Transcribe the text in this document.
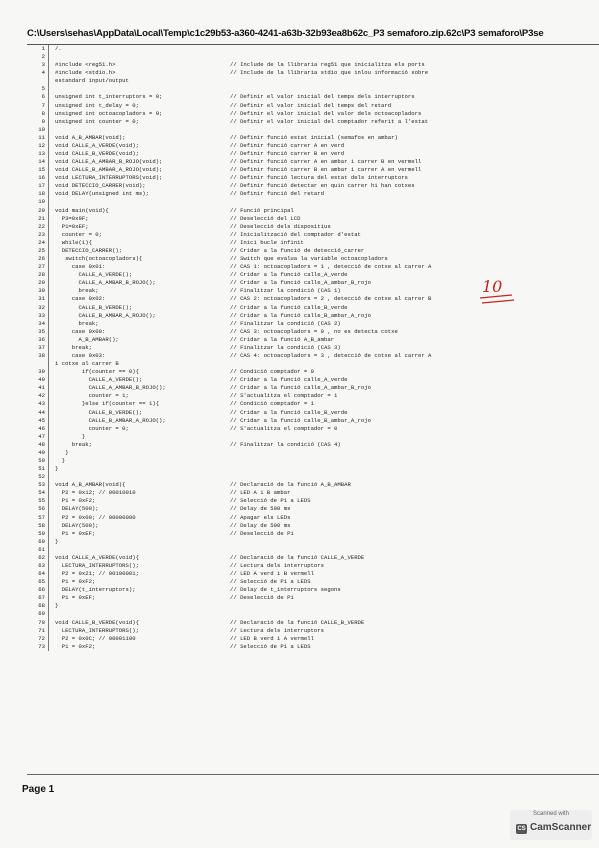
C:\Users\sehas\AppData\Local\Temp\c1c29b53-a360-4241-a63b-32b93ea8b62c_P3 semaforo.zip.62c\P3 semaforo\P3se
1	/.
2
3	#include <reg51.h>	// Include de la llibraria reg51 que inicialitza els ports
4	#include <stdio.h>	// Include de la llibraria stdio que inlou informació sobre
estandard input/output
5
6	unsigned int t_interruptors = 0;	// Definir el valor inicial del temps dels interruptors
7	unsigned int t_delay = 0;	// Definir el valor inicial del temps del retard
8	unsigned int octoacopladors = 0;	// Definir el valor inicial del valor dels octoacopladors
9	unsigned int counter = 0;	// Definir el valor inicial del comptador referit a l'estat
10
11	void A_B_AMBAR(void);	// Definir funció estat inicial (semafos en ambar)
12	void CALLE_A_VERDE(void);	// Definir funció carrer A en verd
13	void CALLE_B_VERDE(void);	// Definir funció carrer B en verd
14	void CALLE_A_AMBAR_B_ROJO(void);	// Definir funció carrer A en ambar i carrer B en vermell
15	void CALLE_B_AMBAR_A_ROJO(void);	// Definir funció carrer B en ambar i carrer A en vermell
16	void LECTURA_INTERRUPTORS(void);	// Definir funció lectura del estat dels interruptors
17	void DETECCIO_CARRER(void);	// Definir funció detectar en quin carrer hi han cotxes
18	void DELAY(unsigned int ms);	// Definir funció del retard
19
20	void main(void){	// Funció principal
21	P3=0x9F;	// Deselecció del LCD
22	P1=0xEF;	// Deselecció dels dispositius
23	counter = 0;	// Inicialització del comptador d'estat
24	while(1){	// Inici bucle infinit
25	DETECCIO_CARRER();	// Cridar a la funció de detecció_carrer
26	switch(octoacopladors){	// Switch que evalua la variable octoacopladors
27	case 0x01:	// CAS 1: octoacopladors = 1 , detecció de cotxe al carrer A
28	CALLE_A_VERDE();	// Cridar a la funció calle_A_verde
29	CALLE_A_AMBAR_B_ROJO();	// Cridar a la funció calle_A_ambar_B_rojo
30	break;	// Finalitzar la condició (CAS 1)
31	case 0x02:	// CAS 2: octoacopladors = 2 , detecció de cotxe al carrer B
32	CALLE_B_VERDE();	// Cridar a la funció calle_B_verde
33	CALLE_B_AMBAR_A_ROJO();	// Cridar a la funció calle_B_ambar_A_rojo
34	break;	// Finalitzar la condició (CAS 2)
35	case 0x00:	// CAS 3: octoacopladors = 0 , no es detecta cotxe
36	A_B_AMBAR();	// Cridar a la funció A_B_ambar
37	break;	// Finalitzar la condició (CAS 3)
38	case 0x03:	// CAS 4: octoacopladors = 3 , detecció de cotxe al carrer A
i cotxe al carrer B
39	if(counter == 0){	// Condició comptador = 0
40	CALLE_A_VERDE();	// Cridar a la funció calle_A_verde
41	CALLE_A_AMBAR_B_ROJO();	// Cridar a la funció calle_A_ambar_B_rojo
42	counter = 1;	// S'actualitza el comptador = 1
43	}else if(counter == 1){	// Condició comptador = 1
44	CALLE_B_VERDE();	// Cridar a la funció calle_B_verde
45	CALLE_B_AMBAR_A_ROJO();	// Cridar a la funció calle_B_ambar_A_rojo
46	counter = 0;	// S'actualitza el comptador = 0
47	}
48	break;	// Finalitzar la condició (CAS 4)
49	}
50	}
51	}
52
53	void A_B_AMBAR(void){	// Declaració de la funció A_B_AMBAR
54	P2 = 0x12; // 00010010	// LED A i B ambar
55	P1 = 0xF2;	// Selecció de P1 a LEDS
56	DELAY(500);	// Delay de 500 ms
57	P2 = 0x00; // 00000000	// Apagar els LEDs
58	DELAY(500);	// Delay de 500 ms
59	P1 = 0xEF;	// Deselecció de P1
60	}
61
62	void CALLE_A_VERDE(void){	// Declaració de la funció CALLE_A_VERDE
63	LECTURA_INTERRUPTORS();	// Lectura dels interruptors
64	P2 = 0x21; // 00100001;	// LED A verd i B vermell
65	P1 = 0xF2;	// Selecció de P1 a LEDS
66	DELAY(t_interruptors);	// Delay de t_interruptors segons
67	P1 = 0xEF;	// Deselecció de P1
68	}
69
70	void CALLE_B_VERDE(void){	// Declaració de la funció CALLE_B_VERDE
71	LECTURA_INTERRUPTORS();	// Lectura dels interruptors
72	P2 = 0x0C; // 00001100	// LED B verd i A vermell
73	P1 = 0xF2;	// Selecció de P1 a LEDS
10
Page 1
Scanned with
CS CamScanner
